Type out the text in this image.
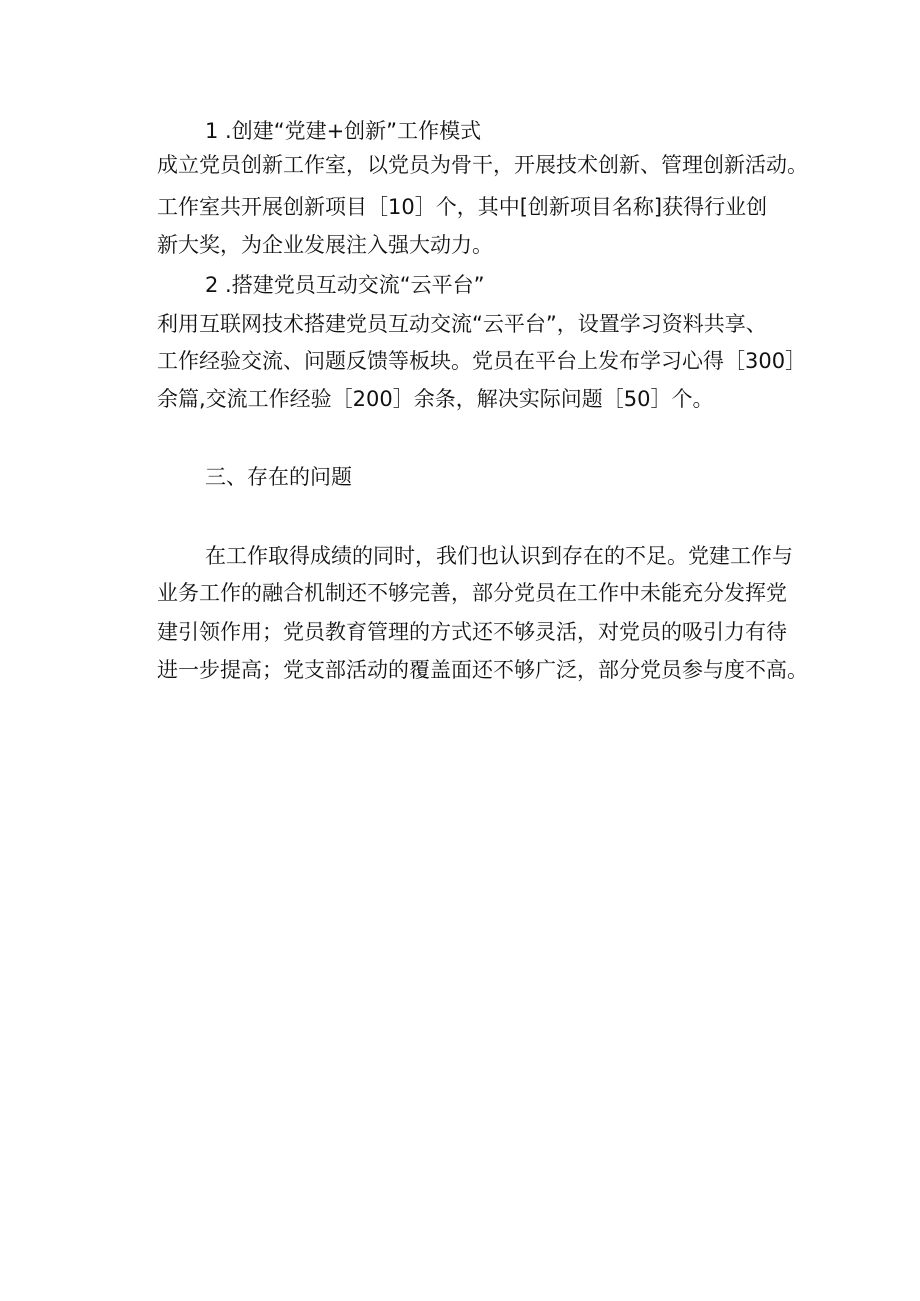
1 .创建“党建+创新”工作模式
成立党员创新工作室，以党员为骨干，开展技术创新、管理创新活动。
工作室共开展创新项目［10］个，其中[创新项目名称]获得行业创
新大奖，为企业发展注入强大动力。
2 .搭建党员互动交流“云平台”
利用互联网技术搭建党员互动交流“云平台”，设置学习资料共享、
工作经验交流、问题反馈等板块。党员在平台上发布学习心得［300］
余篇,交流工作经验［200］余条，解决实际问题［50］个。
三、存在的问题
在工作取得成绩的同时，我们也认识到存在的不足。党建工作与
业务工作的融合机制还不够完善，部分党员在工作中未能充分发挥党
建引领作用；党员教育管理的方式还不够灵活，对党员的吸引力有待
进一步提高；党支部活动的覆盖面还不够广泛，部分党员参与度不高。
